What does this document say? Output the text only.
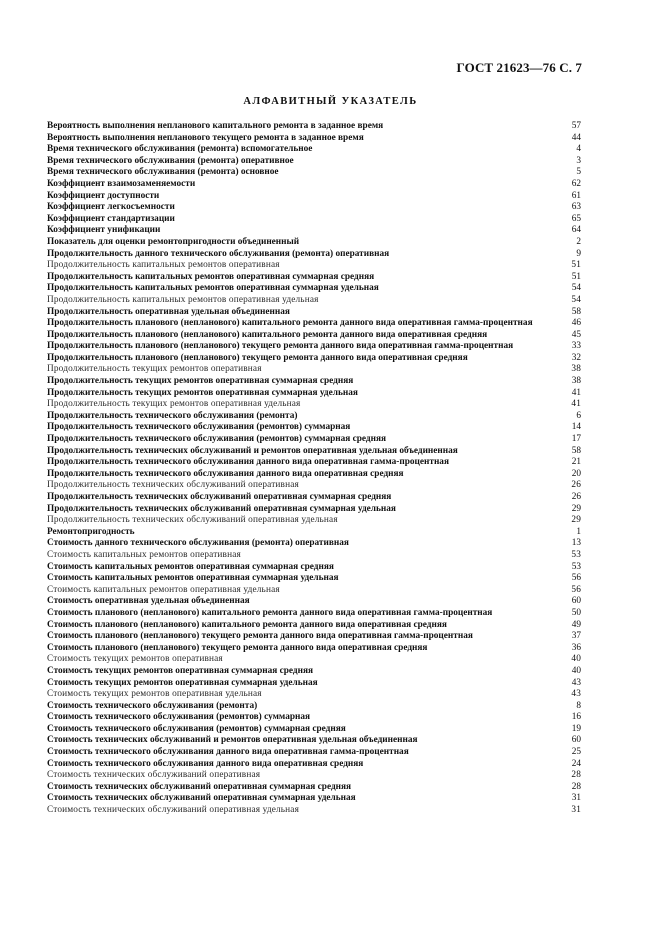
ГОСТ 21623—76 С. 7
АЛФАВИТНЫЙ УКАЗАТЕЛЬ
Вероятность выполнения непланового капитального ремонта в заданное время	57
Вероятность выполнения непланового текущего ремонта в заданное время	44
Время технического обслуживания (ремонта) вспомогательное	4
Время технического обслуживания (ремонта) оперативное	3
Время технического обслуживания (ремонта) основное	5
Коэффициент взаимозаменяемости	62
Коэффициент доступности	61
Коэффициент легкосъемности	63
Коэффициент стандартизации	65
Коэффициент унификации	64
Показатель для оценки ремонтопригодности объединенный	2
Продолжительность данного технического обслуживания (ремонта) оперативная	9
Продолжительность капитальных ремонтов оперативная	51
Продолжительность капитальных ремонтов оперативная суммарная средняя	51
Продолжительность капитальных ремонтов оперативная суммарная удельная	54
Продолжительность капитальных ремонтов оперативная удельная	54
Продолжительность оперативная удельная объединенная	58
Продолжительность планового (непланового) капитального ремонта данного вида оперативная гамма-процентная	46
Продолжительность планового (непланового) капитального ремонта данного вида оперативная средняя	45
Продолжительность планового (непланового) текущего ремонта данного вида оперативная гамма-процентная	33
Продолжительность планового (непланового) текущего ремонта данного вида оперативная средняя	32
Продолжительность текущих ремонтов оперативная	38
Продолжительность текущих ремонтов оперативная суммарная средняя	38
Продолжительность текущих ремонтов оперативная суммарная удельная	41
Продолжительность текущих ремонтов оперативная удельная	41
Продолжительность технического обслуживания (ремонта)	6
Продолжительность технического обслуживания (ремонтов) суммарная	14
Продолжительность технического обслуживания (ремонтов) суммарная средняя	17
Продолжительность технических обслуживаний и ремонтов оперативная удельная объединенная	58
Продолжительность технического обслуживания данного вида оперативная гамма-процентная	21
Продолжительность технического обслуживания данного вида оперативная средняя	20
Продолжительность технических обслуживаний оперативная	26
Продолжительность технических обслуживаний оперативная суммарная средняя	26
Продолжительность технических обслуживаний оперативная суммарная удельная	29
Продолжительность технических обслуживаний оперативная удельная	29
Ремонтопригодность	1
Стоимость данного технического обслуживания (ремонта) оперативная	13
Стоимость капитальных ремонтов оперативная	53
Стоимость капитальных ремонтов оперативная суммарная средняя	53
Стоимость капитальных ремонтов оперативная суммарная удельная	56
Стоимость капитальных ремонтов оперативная удельная	56
Стоимость оперативная удельная объединенная	60
Стоимость планового (непланового) капитального ремонта данного вида оперативная гамма-процентная	50
Стоимость планового (непланового) капитального ремонта данного вида оперативная средняя	49
Стоимость планового (непланового) текущего ремонта данного вида оперативная гамма-процентная	37
Стоимость планового (непланового) текущего ремонта данного вида оперативная средняя	36
Стоимость текущих ремонтов оперативная	40
Стоимость текущих ремонтов оперативная суммарная средняя	40
Стоимость текущих ремонтов оперативная суммарная удельная	43
Стоимость текущих ремонтов оперативная удельная	43
Стоимость технического обслуживания (ремонта)	8
Стоимость технического обслуживания (ремонтов) суммарная	16
Стоимость технического обслуживания (ремонтов) суммарная средняя	19
Стоимость технических обслуживаний и ремонтов оперативная удельная объединенная	60
Стоимость технического обслуживания данного вида оперативная гамма-процентная	25
Стоимость технического обслуживания данного вида оперативная средняя	24
Стоимость технических обслуживаний оперативная	28
Стоимость технических обслуживаний оперативная суммарная средняя	28
Стоимость технических обслуживаний оперативная суммарная удельная	31
Стоимость технических обслуживаний оперативная удельная	31
